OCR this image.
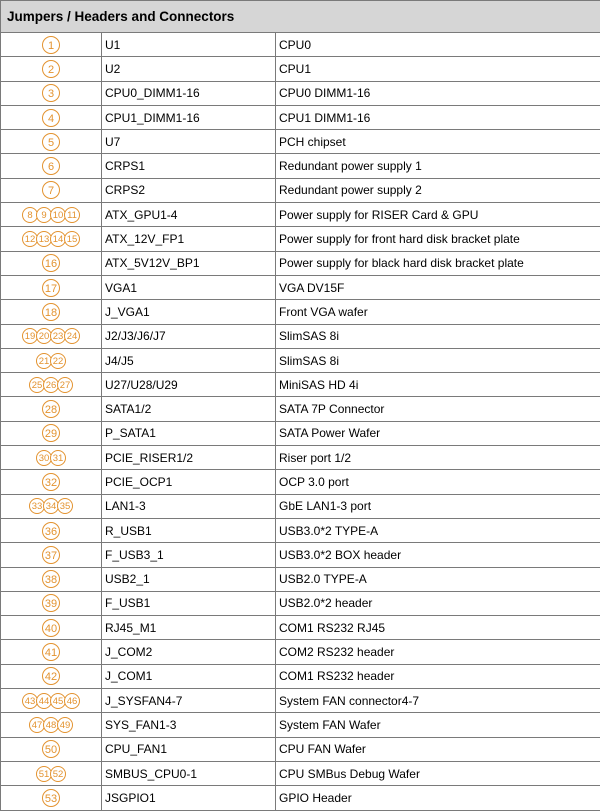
Jumpers / Headers and Connectors		
1	U1	CPU0
2	U2	CPU1
3	CPU0_DIMM1-16	CPU0 DIMM1-16
4	CPU1_DIMM1-16	CPU1 DIMM1-16
5	U7	PCH chipset
6	CRPS1	Redundant power supply 1
7	CRPS2	Redundant power supply 2
8 9 10 11	ATX_GPU1-4	Power supply for RISER Card & GPU
12 13 14 15	ATX_12V_FP1	Power supply for front hard disk bracket plate
16	ATX_5V12V_BP1	Power supply for black hard disk bracket plate
17	VGA1	VGA DV15F
18	J_VGA1	Front VGA wafer
19 20 23 24	J2/J3/J6/J7	SlimSAS 8i
21 22	J4/J5	SlimSAS 8i
25 26 27	U27/U28/U29	MiniSAS HD 4i
28	SATA1/2	SATA 7P Connector
29	P_SATA1	SATA Power Wafer
30 31	PCIE_RISER1/2	Riser port 1/2
32	PCIE_OCP1	OCP 3.0 port
33 34 35	LAN1-3	GbE LAN1-3 port
36	R_USB1	USB3.0*2 TYPE-A
37	F_USB3_1	USB3.0*2 BOX header
38	USB2_1	USB2.0 TYPE-A
39	F_USB1	USB2.0*2 header
40	RJ45_M1	COM1 RS232 RJ45
41	J_COM2	COM2 RS232 header
42	J_COM1	COM1 RS232 header
43 44 45 46	J_SYSFAN4-7	System FAN connector4-7
47 48 49	SYS_FAN1-3	System FAN Wafer
50	CPU_FAN1	CPU FAN Wafer
51 52	SMBUS_CPU0-1	CPU SMBus Debug Wafer
53	JSGPIO1	GPIO Header
